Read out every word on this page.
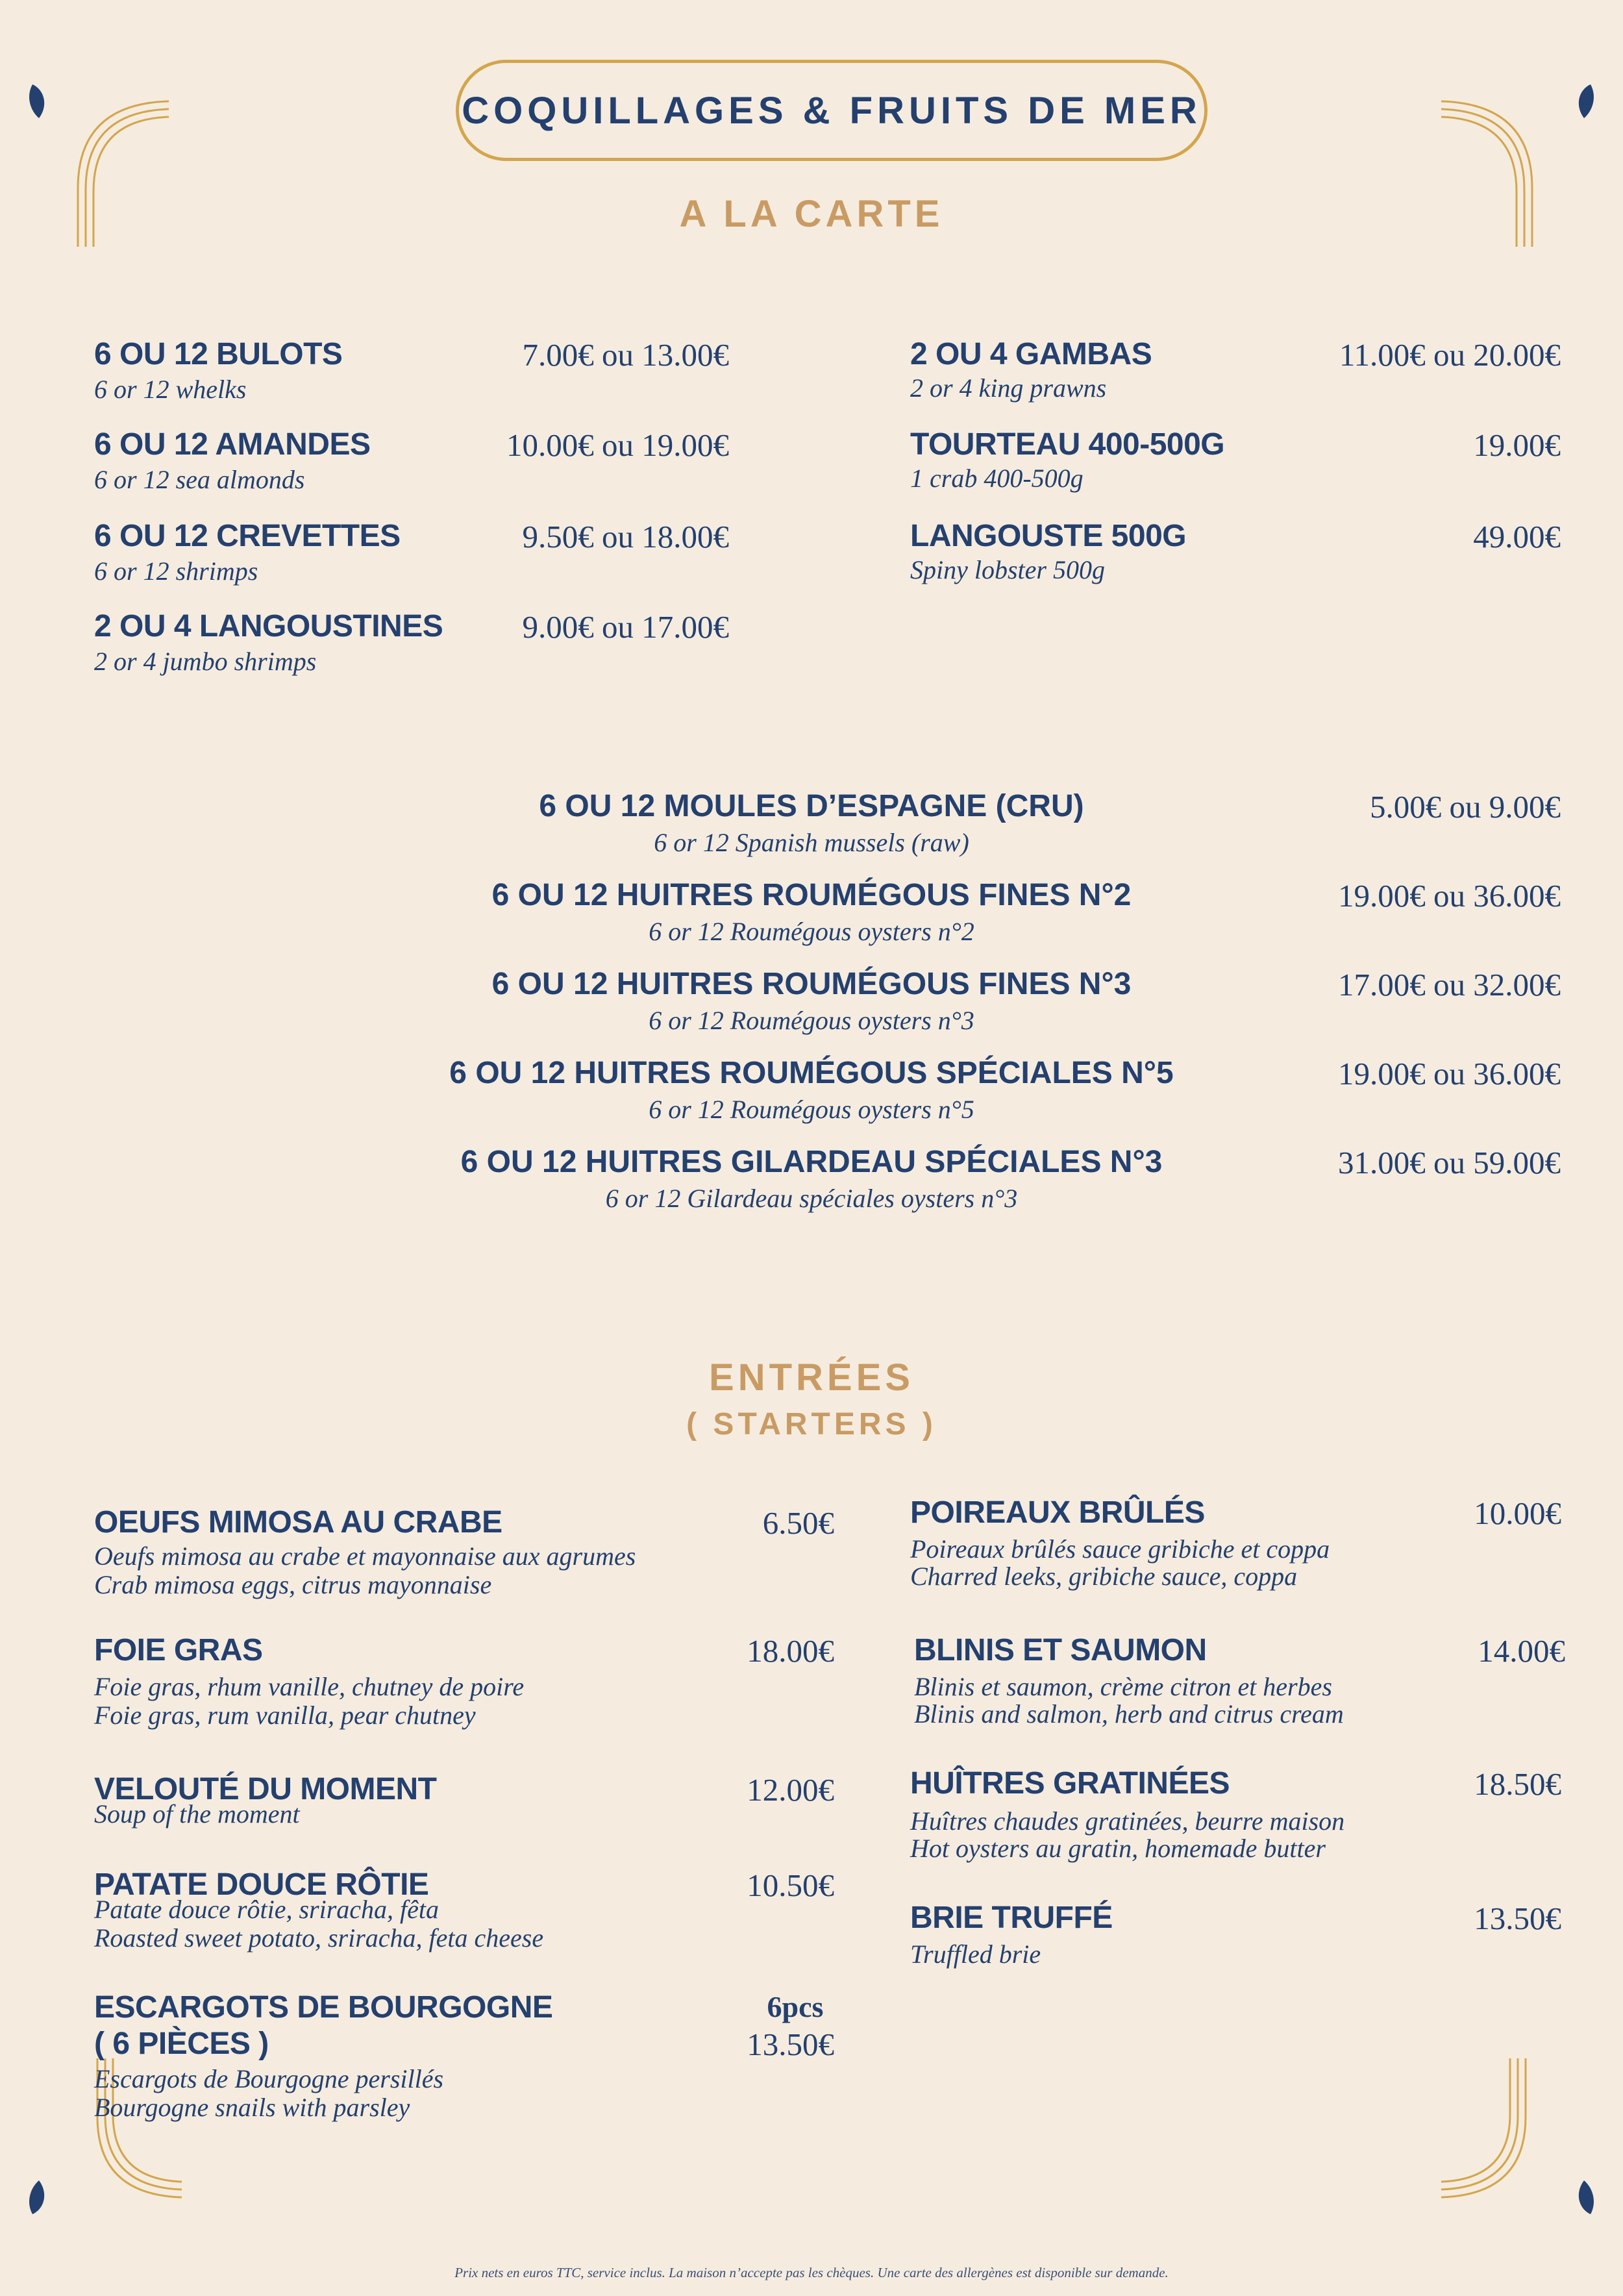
COQUILLAGES & FRUITS DE MER
A LA CARTE
6 OU 12 BULOTS
6 or 12 whelks
7.00€ ou 13.00€
6 OU 12 AMANDES
6 or 12 sea almonds
10.00€ ou 19.00€
6 OU 12 CREVETTES
6 or 12 shrimps
9.50€ ou 18.00€
2 OU 4 LANGOUSTINES
2 or 4 jumbo shrimps
9.00€ ou 17.00€
2 OU 4 GAMBAS
2 or 4 king prawns
11.00€ ou 20.00€
TOURTEAU 400-500G
1 crab 400-500g
19.00€
LANGOUSTE 500G
Spiny lobster 500g
49.00€
6 OU 12 MOULES D’ESPAGNE (CRU)
6 or 12 Spanish mussels (raw)
5.00€ ou 9.00€
6 OU 12 HUITRES ROUMÉGOUS FINES N°2
6 or 12 Roumégous oysters n°2
19.00€ ou 36.00€
6 OU 12 HUITRES ROUMÉGOUS FINES N°3
6 or 12 Roumégous oysters n°3
17.00€ ou 32.00€
6 OU 12 HUITRES ROUMÉGOUS SPÉCIALES N°5
6 or 12 Roumégous oysters n°5
19.00€ ou 36.00€
6 OU 12 HUITRES GILARDEAU SPÉCIALES N°3
6 or 12 Gilardeau spéciales oysters n°3
31.00€ ou 59.00€
ENTRÉES
( STARTERS )
OEUFS MIMOSA AU CRABE
Oeufs mimosa au crabe et mayonnaise aux agrumes
Crab mimosa eggs, citrus mayonnaise
6.50€
FOIE GRAS
Foie gras, rhum vanille, chutney de poire
Foie gras, rum vanilla, pear chutney
18.00€
VELOUTÉ DU MOMENT
Soup of the moment
12.00€
PATATE DOUCE RÔTIE
Patate douce rôtie, sriracha, fêta
Roasted sweet potato, sriracha, feta cheese
10.50€
ESCARGOTS DE BOURGOGNE
( 6 PIÈCES )
Escargots de Bourgogne persillés
Bourgogne snails with parsley
6pcs
13.50€
POIREAUX BRÛLÉS
Poireaux brûlés sauce gribiche et coppa
Charred leeks, gribiche sauce, coppa
10.00€
BLINIS ET SAUMON
Blinis et saumon, crème citron et herbes
Blinis and salmon, herb and citrus cream
14.00€
HUÎTRES GRATINÉES
Huîtres chaudes gratinées, beurre maison
Hot oysters au gratin, homemade butter
18.50€
BRIE TRUFFÉ
Truffled brie
13.50€
Prix nets en euros TTC, service inclus. La maison n’accepte pas les chèques. Une carte des allergènes est disponible sur demande.
